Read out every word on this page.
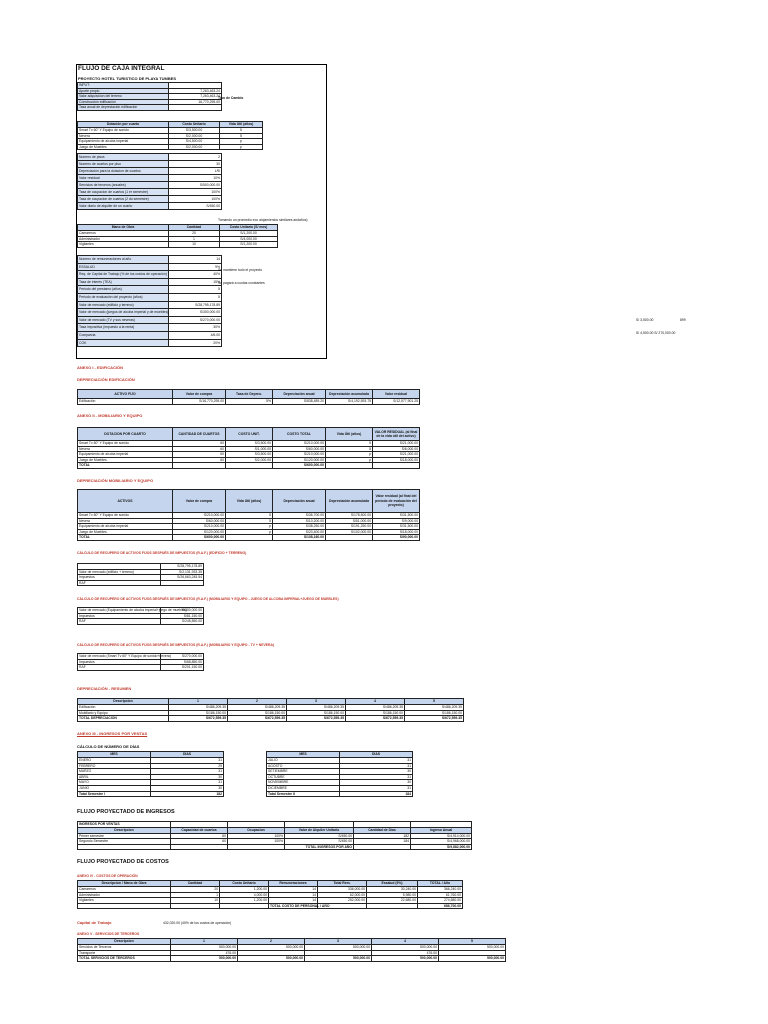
FLUJO DE CAJA INTEGRAL
PROYECTO HOTEL TURISTICO DE PLAYA TUMBES
INPUT:	
Aporte propio	7,263,463.24
Valor adquisicion del terreno	7,263,463.24
Construcción edificación	16,770,295.00
Tasa anual de depreciación edificación	
Tipo de Cambio
Dotación por cuarto	Costo Unitario	Vida Util (años)
Smart Tv 60" Y Equipo de sonido	S/3,500.00	5
Nevera	S/2,000.00	5
Equipamiento de alcoba imperial	S/4,500.00	p
Juego de Muebles	S/2,000.00	p
Numero de pisos	2
Numero de cuartos por piso	30
Depreciación para la dotacion de cuartos	LRI
Valor residual	10%
Servicios de terceros (anuales)	S/500,000.00
Tasa de ocupacion de cuartos (1 er semestre)	100%
Tasa de ocupacion de cuartos (2 do semestre)	100%
Valor diario de alquiler de un cuarto	S/450.00
Tomando un promedio eco alojamientos similares andaños)
Mano de Obra	Cantidad	Costo Unitario (S/ mes)
Camareros	20	S/1,200.00
Administrador	1	S/4,000.00
Vigilantes	10	S/1,200.00
Numero de remuneraciones al año	14
ESSALUD	9%
Req. de Capital de Trabajo (% de los costos de operación)	40%
Tasa de interés (TEA)	15%
Periodo del prestamo (años)	5
Periodo de evaluación del proyecto (años)	5
Valor de mercado (edificio y terreno)	S/28,795,178.89
Valor de mercado (juegos de alcoba imperial y de muebles)	S/300,000.00
Valor de mercado (TV y sus neveras)	S/270,000.00
Tasa impositiva (impuesto a la renta)	30%
Comparcia	4/6.00
COK	20%
Se mantiene todo el proyecto
Se pagará a cuotas constantes
S/ 3,500.00	899
S/ 4,500.00 S/ 270,000.00
ANEXO I - EDIFICACIÓN
DEPRECIACIÓN EDIFICACIÓN
ACTIVO FIJO	Valor de compra	Tasa de Depreo.	Depreciación anual	Depreciación acumulada	Valor residual
Edificación	S/16,770,295.00	5%	S/838,489.20	S/4,192,593.75	S/12,577,901.25
ANEXO II - MOBILIARIO Y EQUIPO
DOTACION POR CUARTO	CANTIDAD DE CUARTOS	COSTO UNIT.	COSTO TOTAL	Vida Útil (años)	VALOR RESIDUAL (al final de la vida útil del activo)
Smart Tv 60" Y Equipo de sonido	60	S/3,500.00	S/210,000.00	5	S/21,000.00
Nevera	60	S/1,000.00	S/60,000.00	5	S/6,000.00
Equipamiento de alcoba imperial	60	S/3,500.00	S/210,000.00	p	S/21,000.00
Juego de Muebles	60	S/2,000.00	S/120,000.00	p	S/18,000.00
TOTAL			S/600,000.00		
DEPRECIACIÓN MOBILIARIO Y EQUIPO
ACTIVOS	Valor de compra	Vida Util (años)	Depreciación anual	Depreciación acumulada	Valor residual (al final del período de evaluación del proyecto)
Smart Tv 60" Y Equipo de sonido	S/210,000.00	5	S/36,700.00	S/178,500.00	S/31,500.00
Nevera	S/60,000.00	5	S/10,200.00	S/51,000.00	S/9,000.00
Equipamiento de alcoba imperial	S/210,000.00	p	S/38,250.00	S/191,250.00	S/31,500.00
Juego de Muebles	S/120,000.00	p	S/20,400.00	S/102,000.00	S/18,000.00
TOTAL	S/600,000.00		S/108,160.00		S/90,000.00
CÁLCULO DE RECUPERO DE ACTIVOS FIJOS DESPUÉS DE IMPUESTOS (R.A.F.) (EDIFICIO + TERRENO)
	S/28,795,178.89
Valor de mercado (edificio + terreno)	S/2,131,933.35
Impuestos	S/26,663,245.54
RAF	
CÁLCULO DE RECUPERO DE ACTIVOS FIJOS DESPUÉS DE IMPUESTOS (R.A.F.) (MOBILIARIO Y EQUIPO - JUEGO DE ALCOBA IMPERIAL+JUEGO DE MUEBLES)
Valor de mercado (Equipamiento de alcoba imperial+juego de muebles)	S/300,000.00
Impuestos	S/81,150.00
RAF	S/245,850.00
CÁLCULO DE RECUPERO DE ACTIVOS FIJOS DESPUÉS DE IMPUESTOS (R.A.F.) (MOBILIARIO Y EQUIPO - TV + NEVERA)
Valor de mercado (Smart Tv 60" Y Equipo de sonido+nevera)	S/270,000.00
Impuestos	S/68,850.00
RAF	S/201,150.00
DEPRECIACIÓN - RESUMEN
Descripcion	1	2	3	4	5
Edificación	S/486,209.35	S/486,209.35	S/486,209.35	S/486,209.35	S/486,209.35
Mobiliario y Equipo	S/186,150.00	S/186,150.00	S/186,150.00	S/186,150.00	S/186,150.00
TOTAL DEPRECIACION	S/672,559.35	S/672,559.35	S/672,559.35	S/672,559.35	S/672,559.35
ANEXO III - INGRESOS POR VENTAS
CÁLCULO DE NÚMERO DE DÍAS
MES	DÍAS
ENERO	31
FEBRERO	29
MARZO	31
ABRIL	30
MAYO	31
JUNIO	30
Total Semestre I	182
MES	DÍAS
JULIO	31
AGOSTO	31
SETIEMBRE	30
OCTUBRE	31
NOVIEMBRE	30
DICIEMBRE	31
Total Semestre II	184
FLUJO PROYECTADO DE INGRESOS
INGRESOS POR VENTAS					
Descripcion	Capacidad de cuartos	Ocupacion	Valor de Alquiler Unitario	Cantidad de Días	Ingreso Anual
Primer semestre	60	100%	S/450.00	182	S/4,914,000.00
Segundo Semestre	60	100%	S/450.00	184	S/4,968,000.00
			TOTAL INGRESOS POR AÑO		S/9,882,000.00
FLUJO PROYECTADO DE COSTOS
ANEXO IV - COSTOS DE OPERACIÓN
Descripcion / Mano de Obra	Cantidad	Costo Unitario	Remuneraciones	Total Rem.	Essalud (9%)	TOTAL / Año
Camareros	20	1,200.00	14	336,000.00	30,240.00	366,240.00
Administrador	1	4,000.00	14	62,000.00	5,980.00	61,760.00
Vigilantes	10	1,200.00	14	252,000.00	22,680.00	274,680.00
			TOTAL COSTO DE PERSONAL / AÑO			686,700.00
Capital de Trabajo	432,020.00 (40% de los costos de operación)
ANEXO V - SERVICIOS DE TERCEROS
Descripcion	1	2	3	4	5
Servicios de Terceros	500,000.00	500,000.00	500,000.00	500,000.00	500,000.00
Transporte	476.00			476.00	
TOTAL SERVICIOS DE TERCEROS	500,000.00	500,000.00	500,000.00	500,000.00	500,000.00
